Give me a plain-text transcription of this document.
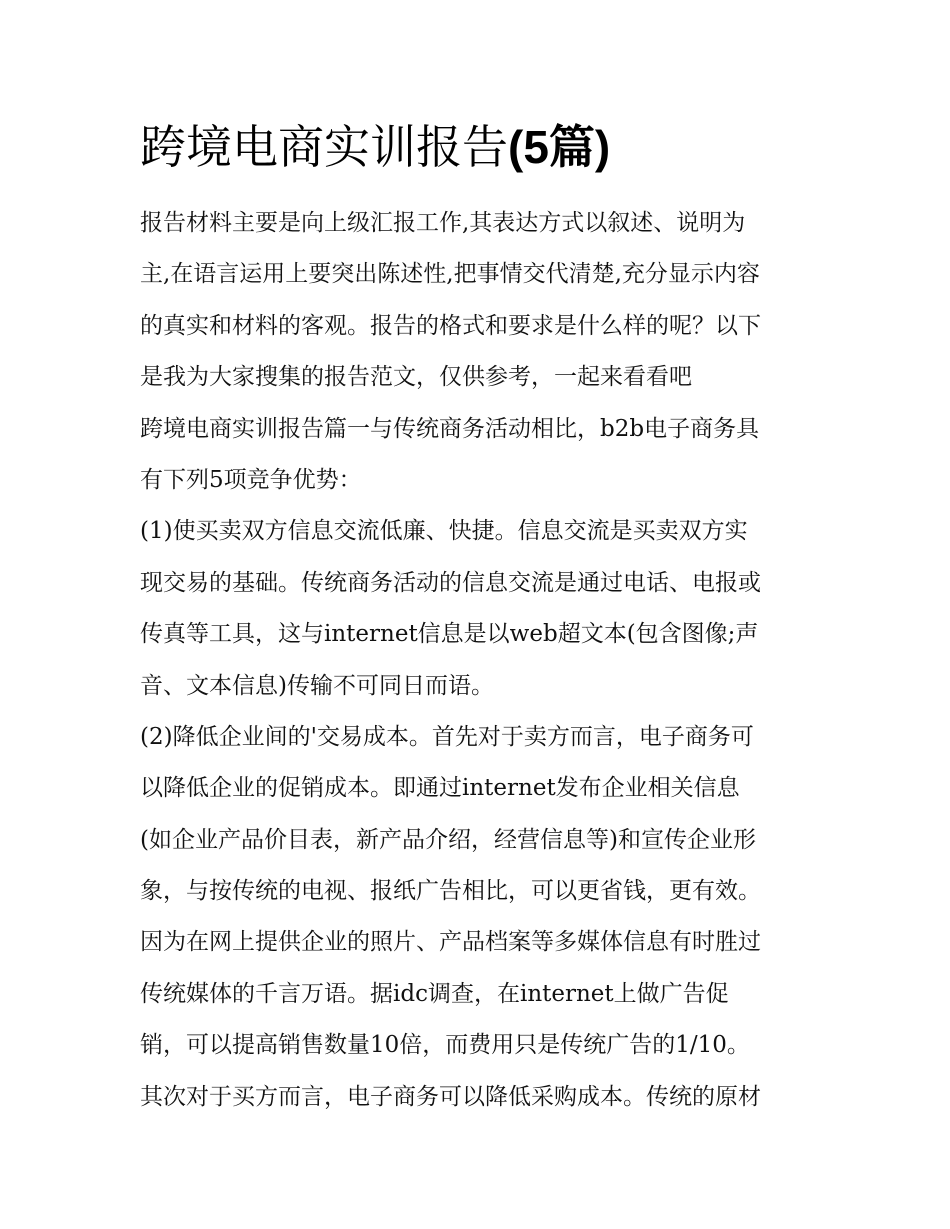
跨境电商实训报告(5篇)
报告材料主要是向上级汇报工作,其表达方式以叙述、说明为
主,在语言运用上要突出陈述性,把事情交代清楚,充分显示内容
的真实和材料的客观。报告的格式和要求是什么样的呢？以下
是我为大家搜集的报告范文，仅供参考，一起来看看吧
跨境电商实训报告篇一与传统商务活动相比，b2b电子商务具
有下列5项竞争优势：
(1)使买卖双方信息交流低廉、快捷。信息交流是买卖双方实
现交易的基础。传统商务活动的信息交流是通过电话、电报或
传真等工具，这与internet信息是以web超文本(包含图像;声
音、文本信息)传输不可同日而语。
(2)降低企业间的'交易成本。首先对于卖方而言，电子商务可
以降低企业的促销成本。即通过internet发布企业相关信息
(如企业产品价目表，新产品介绍，经营信息等)和宣传企业形
象，与按传统的电视、报纸广告相比，可以更省钱，更有效。
因为在网上提供企业的照片、产品档案等多媒体信息有时胜过
传统媒体的千言万语。据idc调查，在internet上做广告促
销，可以提高销售数量10倍，而费用只是传统广告的1/10。
其次对于买方而言，电子商务可以降低采购成本。传统的原材
